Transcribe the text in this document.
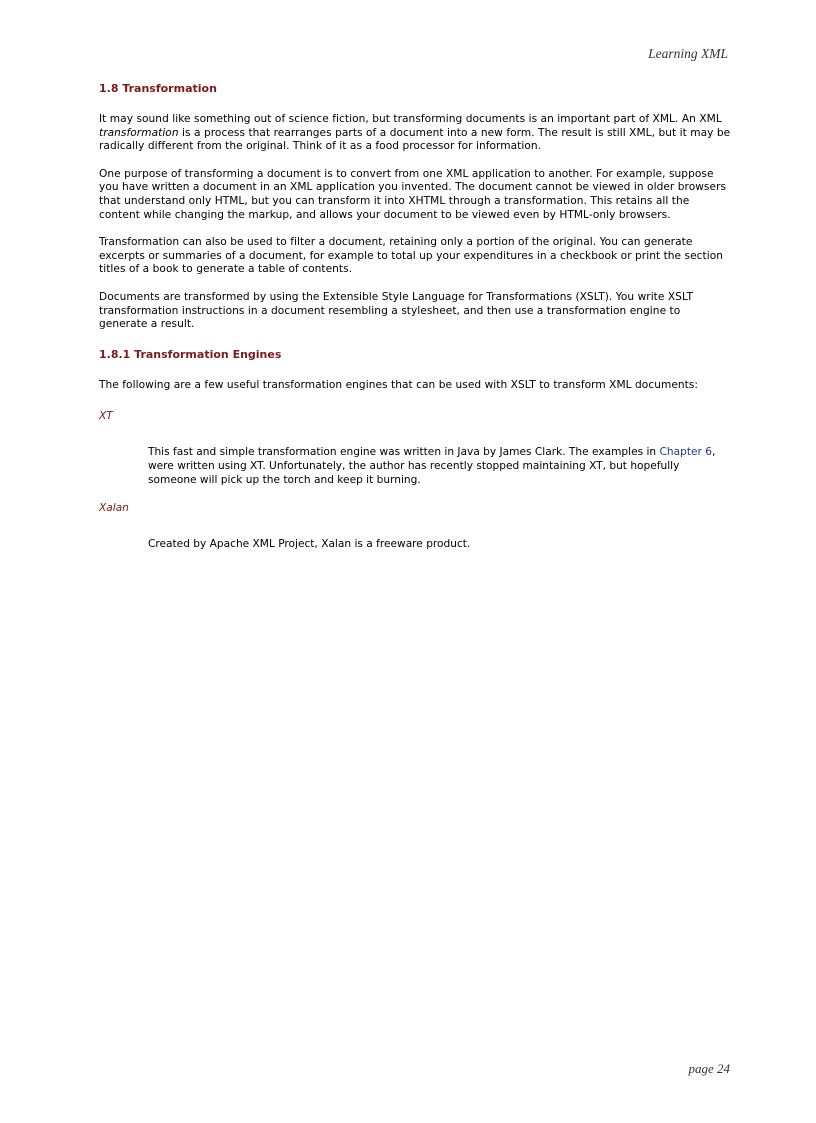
Learning XML
1.8 Transformation

It may sound like something out of science fiction, but transforming documents is an important part of XML. An XML transformation is a process that rearranges parts of a document into a new form. The result is still XML, but it may be radically different from the original. Think of it as a food processor for information.

One purpose of transforming a document is to convert from one XML application to another. For example, suppose you have written a document in an XML application you invented. The document cannot be viewed in older browsers that understand only HTML, but you can transform it into XHTML through a transformation. This retains all the content while changing the markup, and allows your document to be viewed even by HTML-only browsers.

Transformation can also be used to filter a document, retaining only a portion of the original. You can generate excerpts or summaries of a document, for example to total up your expenditures in a checkbook or print the section titles of a book to generate a table of contents.

Documents are transformed by using the Extensible Style Language for Transformations (XSLT). You write XSLT transformation instructions in a document resembling a stylesheet, and then use a transformation engine to generate a result.

1.8.1 Transformation Engines

The following are a few useful transformation engines that can be used with XSLT to transform XML documents:

XT

This fast and simple transformation engine was written in Java by James Clark. The examples in Chapter 6, were written using XT. Unfortunately, the author has recently stopped maintaining XT, but hopefully someone will pick up the torch and keep it burning.

Xalan

Created by Apache XML Project, Xalan is a freeware product.

page 24
